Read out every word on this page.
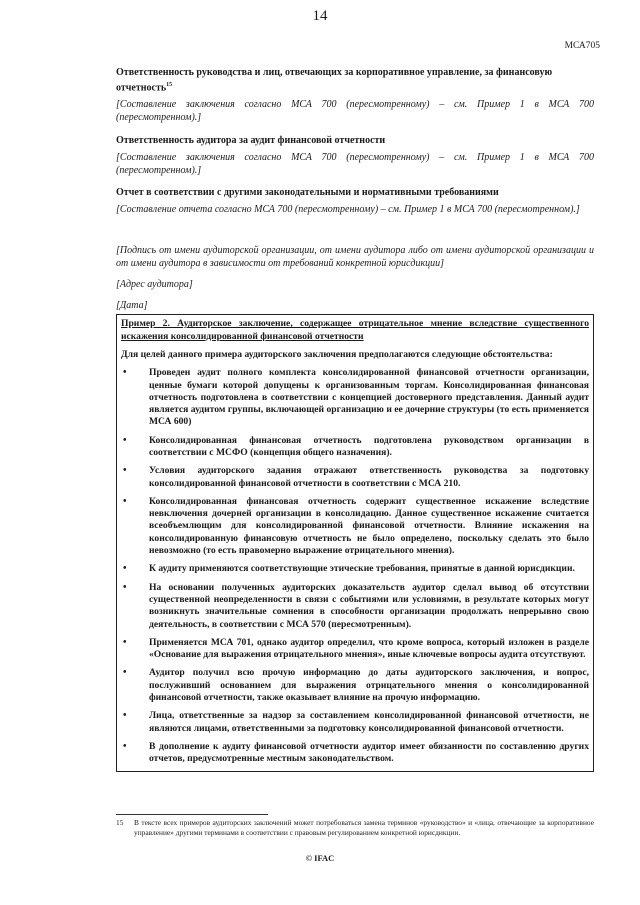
14
МСА705

Ответственность руководства и лиц, отвечающих за корпоративное управление, за финансовую отчетность$^{15}$

[Составление заключения согласно МСА 700 (пересмотренному) – см. Пример 1 в МСА 700 (пересмотренном).]

Ответственность аудитора за аудит финансовой отчетности

[Составление заключения согласно МСА 700 (пересмотренному) – см. Пример 1 в МСА 700 (пересмотренном).]

Отчет в соответствии с другими законодательными и нормативными требованиями

[Составление отчета согласно МСА 700 (пересмотренному) – см. Пример 1 в МСА 700 (пересмотренном).]

[Подпись от имени аудиторской организации, от имени аудитора либо от имени аудиторской организации и от имени аудитора в зависимости от требований конкретной юрисдикции]

[Адрес аудитора]

[Дата]

Пример 2. Аудиторское заключение, содержащее отрицательное мнение вследствие существенного искажения консолидированной финансовой отчетности

Для целей данного примера аудиторского заключения предполагаются следующие обстоятельства:

• Проведен аудит полного комплекта консолидированной финансовой отчетности организации, ценные бумаги которой допущены к организованным торгам. Консолидированная финансовая отчетность подготовлена в соответствии с концепцией достоверного представления. Данный аудит является аудитом группы, включающей организацию и ее дочерние структуры (то есть применяется МСА 600)
• Консолидированная финансовая отчетность подготовлена руководством организации в соответствии с МСФО (концепция общего назначения).
• Условия аудиторского задания отражают ответственность руководства за подготовку консолидированной финансовой отчетности в соответствии с МСА 210.
• Консолидированная финансовая отчетность содержит существенное искажение вследствие невключения дочерней организации в консолидацию. Данное существенное искажение считается всеобъемлющим для консолидированной финансовой отчетности. Влияние искажения на консолидированную финансовую отчетность не было определено, поскольку сделать это было невозможно (то есть правомерно выражение отрицательного мнения).
• К аудиту применяются соответствующие этические требования, принятые в данной юрисдикции.
• На основании полученных аудиторских доказательств аудитор сделал вывод об отсутствии существенной неопределенности в связи с событиями или условиями, в результате которых могут возникнуть значительные сомнения в способности организации продолжать непрерывно свою деятельность, в соответствии с МСА 570 (пересмотренным).
• Применяется МСА 701, однако аудитор определил, что кроме вопроса, который изложен в разделе «Основание для выражения отрицательного мнения», иные ключевые вопросы аудита отсутствуют.
• Аудитор получил всю прочую информацию до даты аудиторского заключения, и вопрос, послуживший основанием для выражения отрицательного мнения о консолидированной финансовой отчетности, также оказывает влияние на прочую информацию.
• Лица, ответственные за надзор за составлением консолидированной финансовой отчетности, не являются лицами, ответственными за подготовку консолидированной финансовой отчетности.
• В дополнение к аудиту финансовой отчетности аудитор имеет обязанности по составлению других отчетов, предусмотренные местным законодательством.
15	В тексте всех примеров аудиторских заключений может потребоваться замена терминов «руководство» и «лица, отвечающие за корпоративное управление» другими терминами в соответствии с правовым регулированием конкретной юрисдикции.
© IFAC
